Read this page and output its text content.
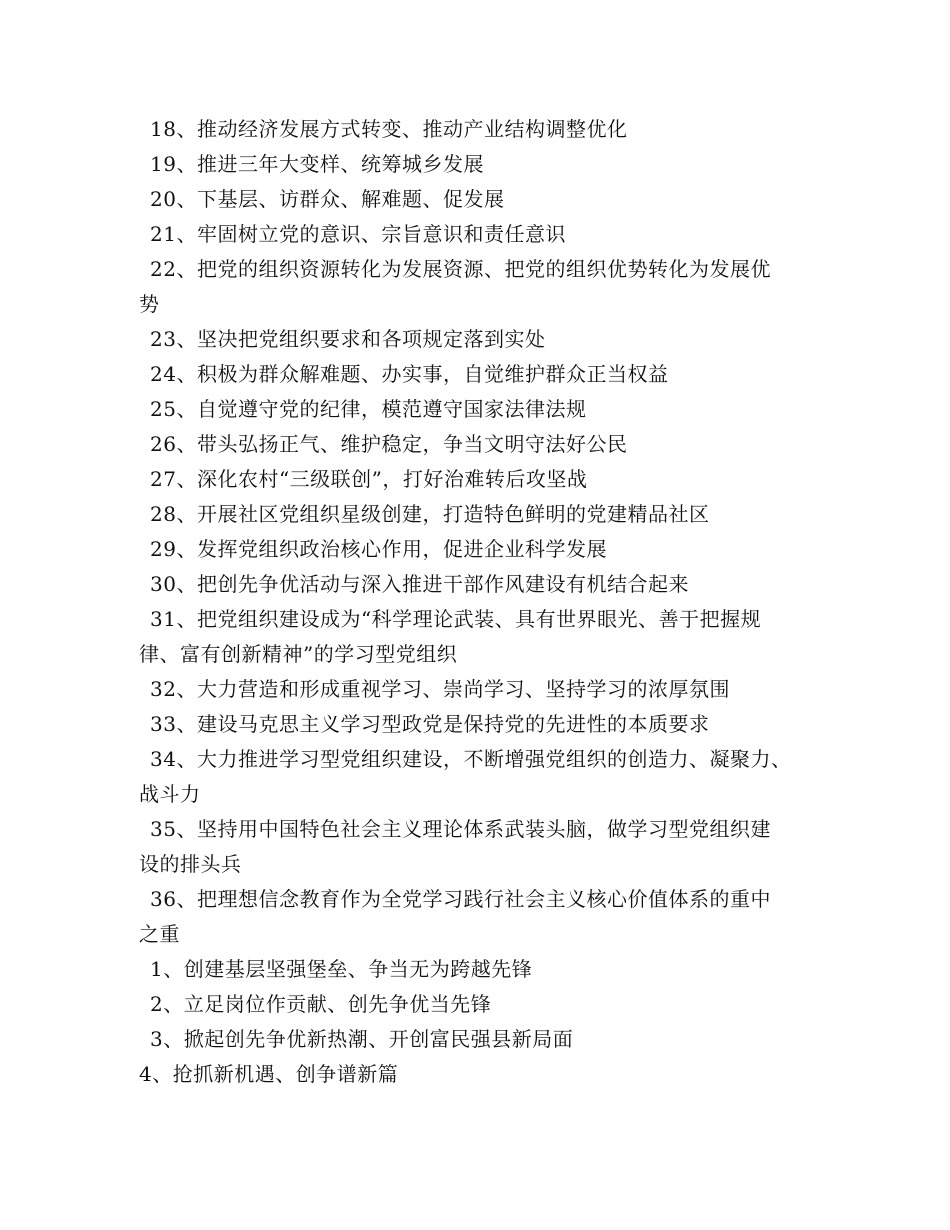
18、推动经济发展方式转变、推动产业结构调整优化
19、推进三年大变样、统筹城乡发展
20、下基层、访群众、解难题、促发展
21、牢固树立党的意识、宗旨意识和责任意识
22、把党的组织资源转化为发展资源、把党的组织优势转化为发展优
势
23、坚决把党组织要求和各项规定落到实处
24、积极为群众解难题、办实事，自觉维护群众正当权益
25、自觉遵守党的纪律，模范遵守国家法律法规
26、带头弘扬正气、维护稳定，争当文明守法好公民
27、深化农村“三级联创”，打好治难转后攻坚战
28、开展社区党组织星级创建，打造特色鲜明的党建精品社区
29、发挥党组织政治核心作用，促进企业科学发展
30、把创先争优活动与深入推进干部作风建设有机结合起来
31、把党组织建设成为“科学理论武装、具有世界眼光、善于把握规
律、富有创新精神”的学习型党组织
32、大力营造和形成重视学习、崇尚学习、坚持学习的浓厚氛围
33、建设马克思主义学习型政党是保持党的先进性的本质要求
34、大力推进学习型党组织建设，不断增强党组织的创造力、凝聚力、
战斗力
35、坚持用中国特色社会主义理论体系武装头脑，做学习型党组织建
设的排头兵
36、把理想信念教育作为全党学习践行社会主义核心价值体系的重中
之重
1、创建基层坚强堡垒、争当无为跨越先锋
2、立足岗位作贡献、创先争优当先锋
3、掀起创先争优新热潮、开创富民强县新局面
4、抢抓新机遇、创争谱新篇
